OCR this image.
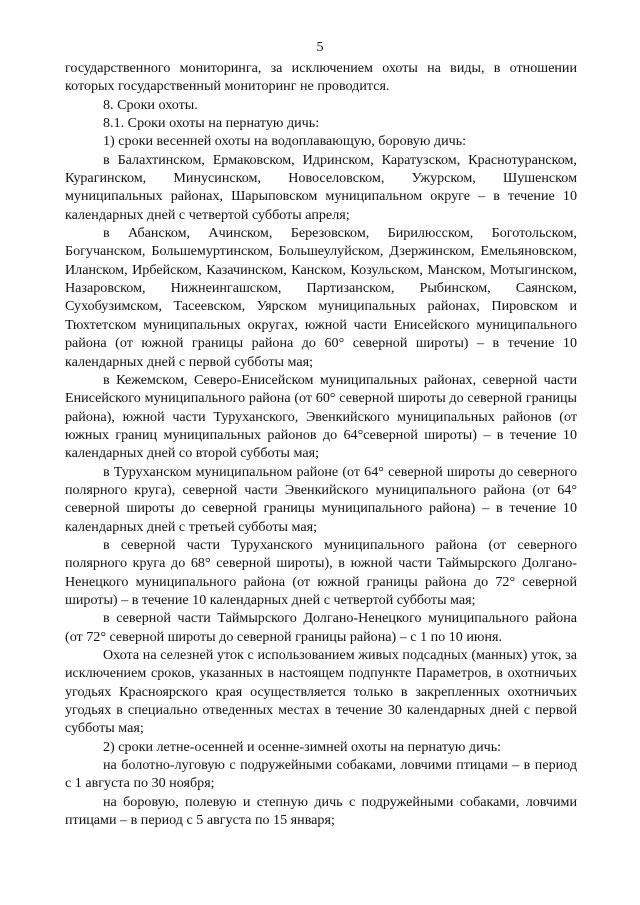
5

государственного мониторинга, за исключением охоты на виды, в отношении которых государственный мониторинг не проводится.

8. Сроки охоты.

8.1. Сроки охоты на пернатую дичь:

1) сроки весенней охоты на водоплавающую, боровую дичь:

в Балахтинском, Ермаковском, Идринском, Каратузском, Краснотуранском, Курагинском, Минусинском, Новоселовском, Ужурском, Шушенском муниципальных районах, Шарыповском муниципальном округе – в течение 10 календарных дней с четвертой субботы апреля;

в Абанском, Ачинском, Березовском, Бирилюсском, Боготольском, Богучанском, Большемуртинском, Большеулуйском, Дзержинском, Емельяновском, Иланском, Ирбейском, Казачинском, Канском, Козульском, Манском, Мотыгинском, Назаровском, Нижнеингашском, Партизанском, Рыбинском, Саянском, Сухобузимском, Тасеевском, Уярском муниципальных районах, Пировском и Тюхтетском муниципальных округах, южной части Енисейского муниципального района (от южной границы района до 60° северной широты) – в течение 10 календарных дней с первой субботы мая;

в Кежемском, Северо-Енисейском муниципальных районах, северной части Енисейского муниципального района (от 60° северной широты до северной границы района), южной части Туруханского, Эвенкийского муниципальных районов (от южных границ муниципальных районов до 64°северной широты) – в течение 10 календарных дней со второй субботы мая;

в Туруханском муниципальном районе (от 64° северной широты до северного полярного круга), северной части Эвенкийского муниципального района (от 64° северной широты до северной границы муниципального района) – в течение 10 календарных дней с третьей субботы мая;

в северной части Туруханского муниципального района (от северного полярного круга до 68° северной широты), в южной части Таймырского Долгано-Ненецкого муниципального района (от южной границы района до 72° северной широты) – в течение 10 календарных дней с четвертой субботы мая;

в северной части Таймырского Долгано-Ненецкого муниципального района (от 72° северной широты до северной границы района) – с 1 по 10 июня.

Охота на селезней уток с использованием живых подсадных (манных) уток, за исключением сроков, указанных в настоящем подпункте Параметров, в охотничьих угодьях Красноярского края осуществляется только в закрепленных охотничьих угодьях в специально отведенных местах в течение 30 календарных дней с первой субботы мая;

2) сроки летне-осенней и осенне-зимней охоты на пернатую дичь:

на болотно-луговую с подружейными собаками, ловчими птицами – в период с 1 августа по 30 ноября;

на боровую, полевую и степную дичь с подружейными собаками, ловчими птицами – в период с 5 августа по 15 января;
